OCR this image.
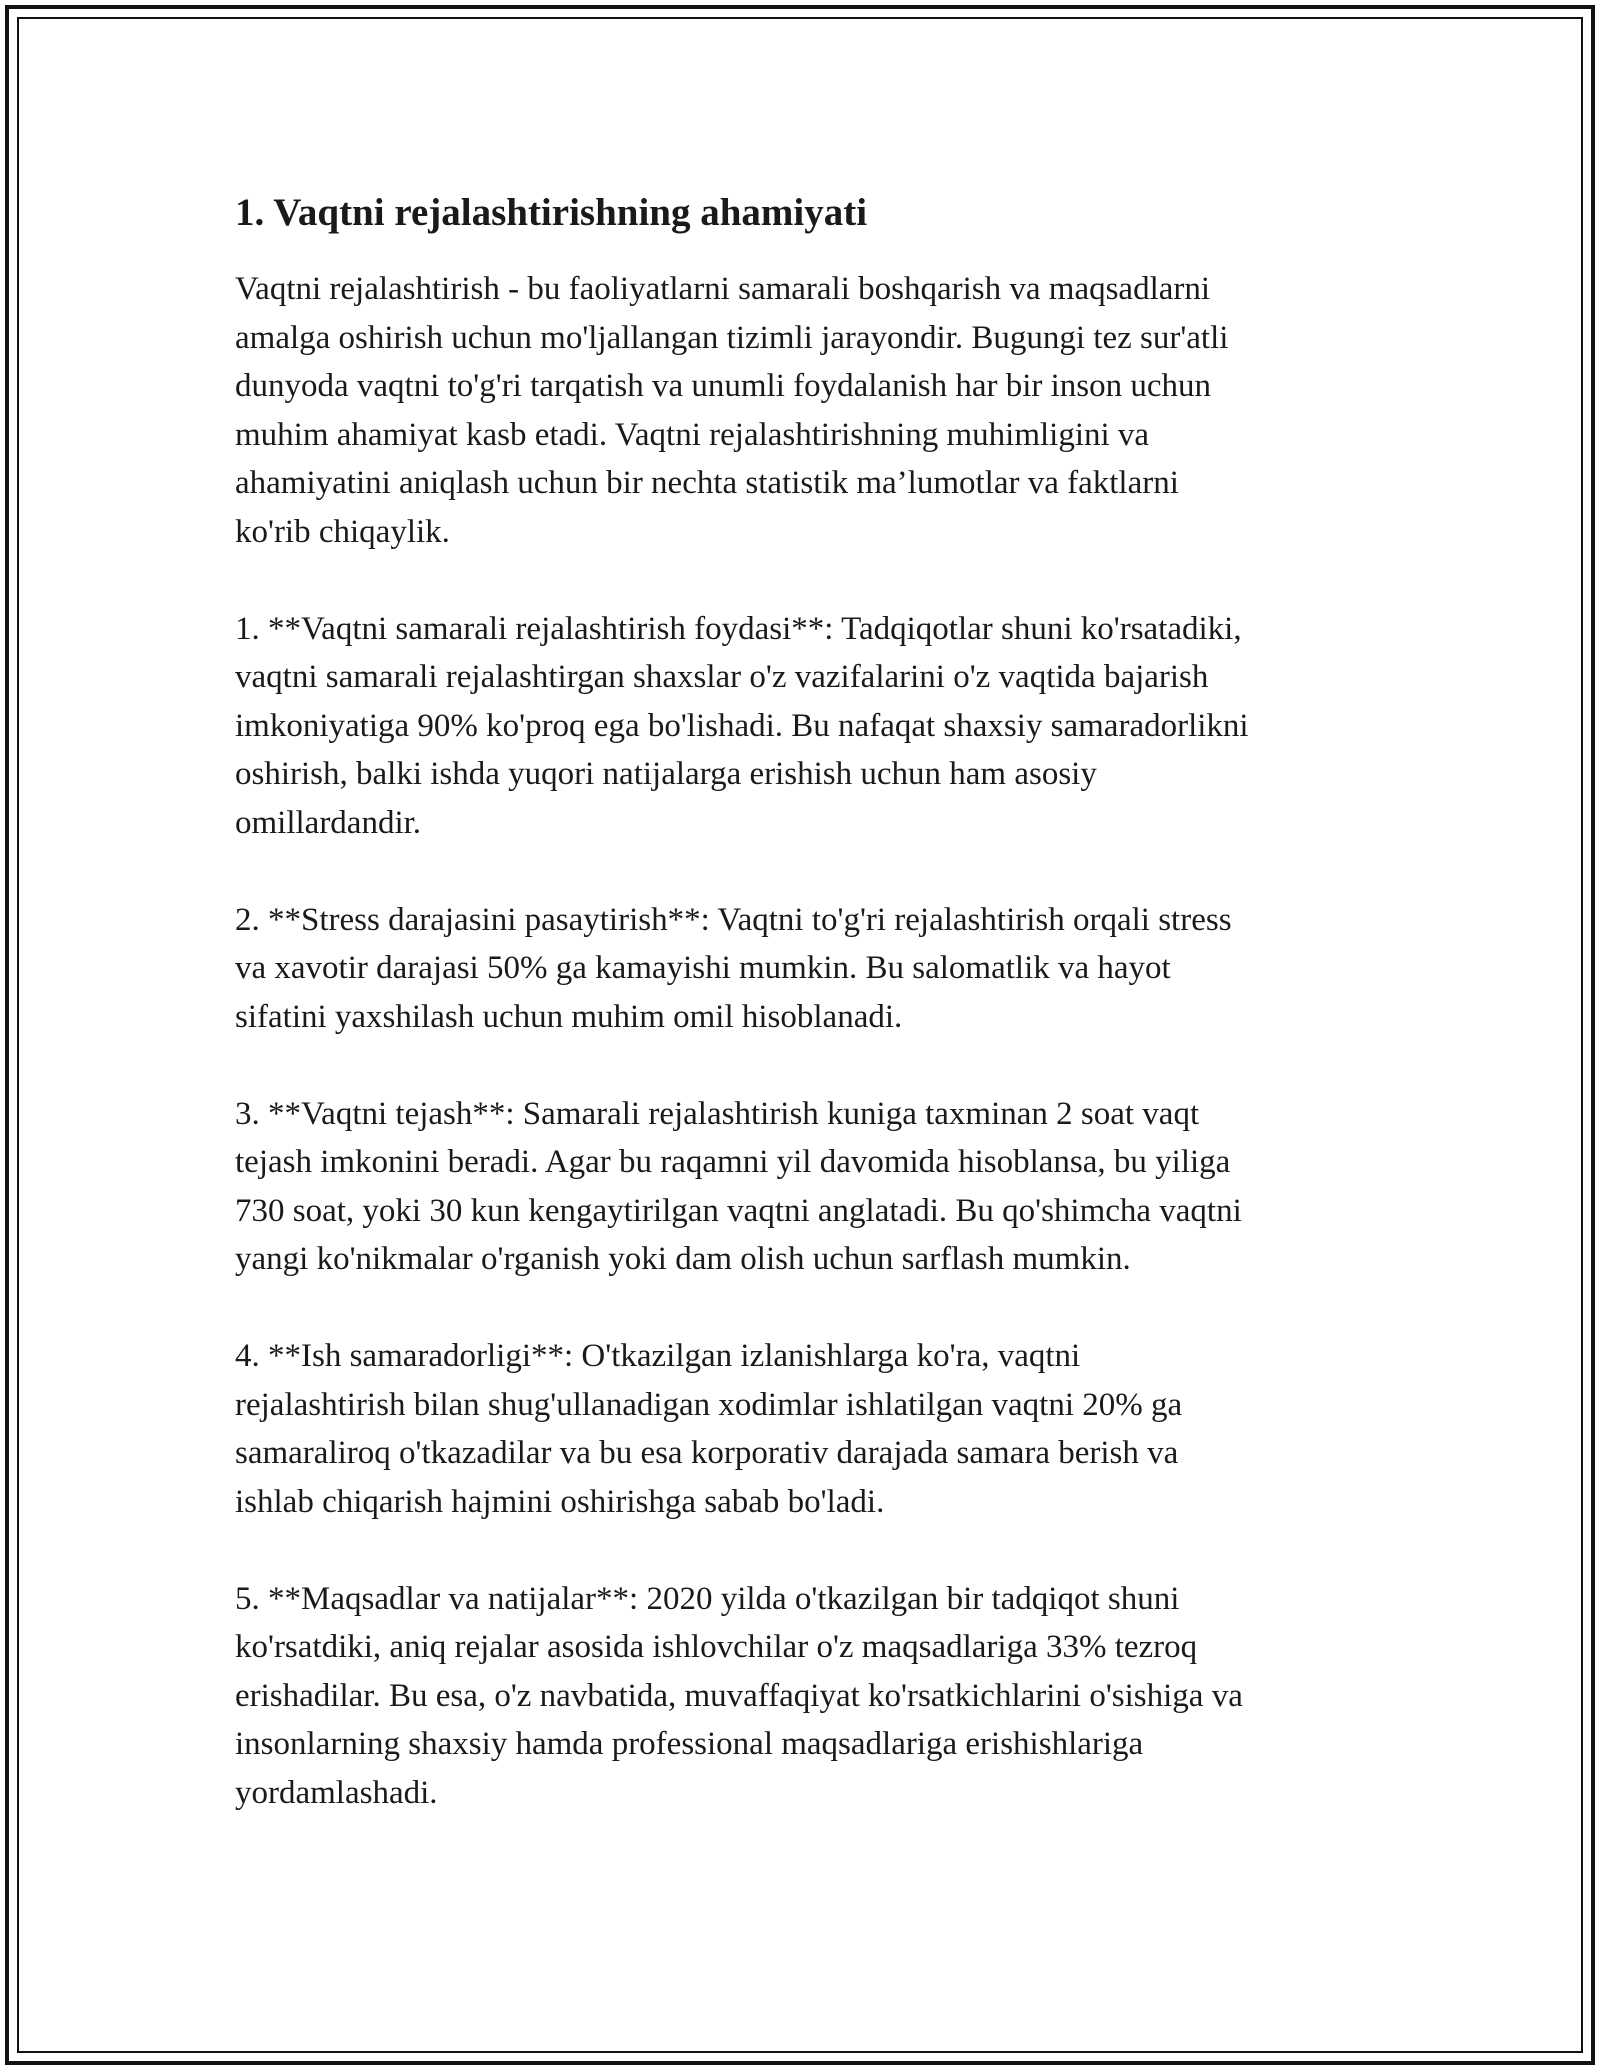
1. Vaqtni rejalashtirishning ahamiyati

Vaqtni rejalashtirish - bu faoliyatlarni samarali boshqarish va maqsadlarni
amalga oshirish uchun mo'ljallangan tizimli jarayondir. Bugungi tez sur'atli
dunyoda vaqtni to'g'ri tarqatish va unumli foydalanish har bir inson uchun
muhim ahamiyat kasb etadi. Vaqtni rejalashtirishning muhimligini va
ahamiyatini aniqlash uchun bir nechta statistik ma’lumotlar va faktlarni
ko'rib chiqaylik.

1. **Vaqtni samarali rejalashtirish foydasi**: Tadqiqotlar shuni ko'rsatadiki,
vaqtni samarali rejalashtirgan shaxslar o'z vazifalarini o'z vaqtida bajarish
imkoniyatiga 90% ko'proq ega bo'lishadi. Bu nafaqat shaxsiy samaradorlikni
oshirish, balki ishda yuqori natijalarga erishish uchun ham asosiy
omillardandir.

2. **Stress darajasini pasaytirish**: Vaqtni to'g'ri rejalashtirish orqali stress
va xavotir darajasi 50% ga kamayishi mumkin. Bu salomatlik va hayot
sifatini yaxshilash uchun muhim omil hisoblanadi.

3. **Vaqtni tejash**: Samarali rejalashtirish kuniga taxminan 2 soat vaqt
tejash imkonini beradi. Agar bu raqamni yil davomida hisoblansa, bu yiliga
730 soat, yoki 30 kun kengaytirilgan vaqtni anglatadi. Bu qo'shimcha vaqtni
yangi ko'nikmalar o'rganish yoki dam olish uchun sarflash mumkin.

4. **Ish samaradorligi**: O'tkazilgan izlanishlarga ko'ra, vaqtni
rejalashtirish bilan shug'ullanadigan xodimlar ishlatilgan vaqtni 20% ga
samaraliroq o'tkazadilar va bu esa korporativ darajada samara berish va
ishlab chiqarish hajmini oshirishga sabab bo'ladi.

5. **Maqsadlar va natijalar**: 2020 yilda o'tkazilgan bir tadqiqot shuni
ko'rsatdiki, aniq rejalar asosida ishlovchilar o'z maqsadlariga 33% tezroq
erishadilar. Bu esa, o'z navbatida, muvaffaqiyat ko'rsatkichlarini o'sishiga va
insonlarning shaxsiy hamda professional maqsadlariga erishishlariga
yordamlashadi.
